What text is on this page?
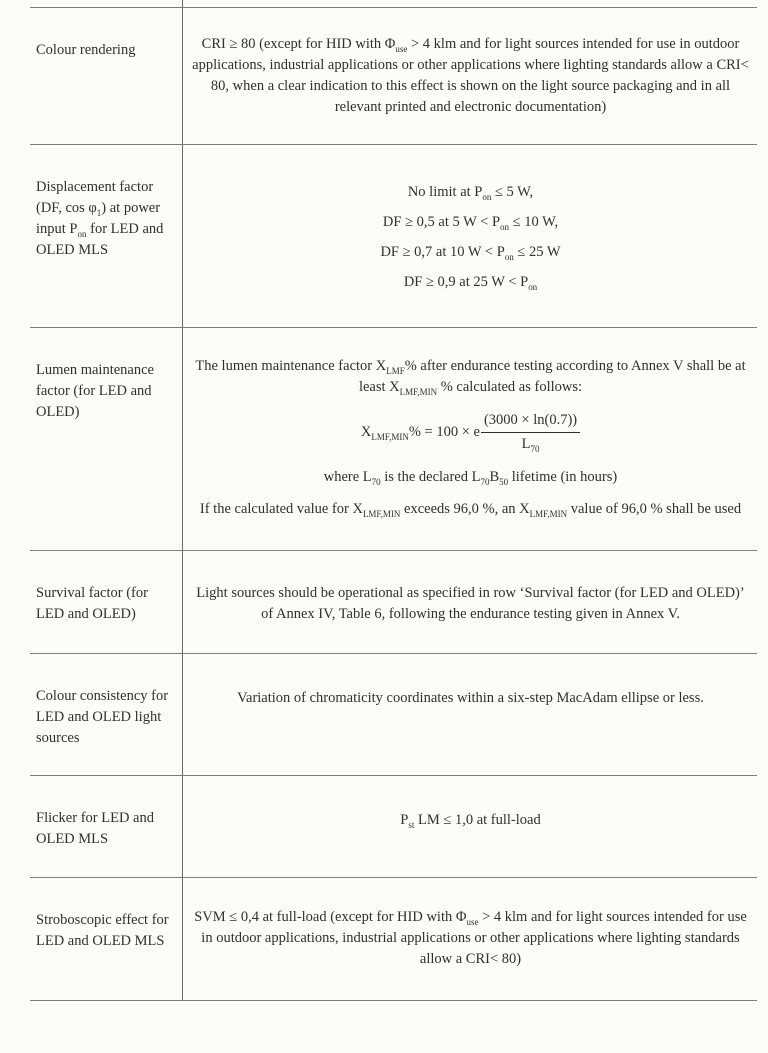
Colour rendering	CRI ≥ 80 (except for HID with $\Phi_{use} > 4$ klm and for light sources intended for use in outdoor applications, industrial applications or other applications where lighting standards allow a CRI< 80, when a clear indication to this effect is shown on the light source packaging and in all relevant printed and electronic documentation)

Displacement factor (DF, $\cos \varphi_1$) at power input $P_{on}$ for LED and OLED MLS

No limit at $P_{on} \le 5$ W,

DF ≥ 0,5 at 5 $W < P_{on} \le 10$ W,

DF ≥ 0,7 at 10 $W < P_{on} \le 25$ W

DF ≥ 0,9 at 25 $W < P_{on}$

Lumen maintenance factor (for LED and OLED)

The lumen maintenance factor $X_{LMF}\%$ after endurance testing according to Annex V shall be at least $X_{LMF,MIN}$ % calculated as follows:

$X_{LMF,MIN}\% = 100 \times e \frac{(3000 \times \ln(0.7))}{L_{70}}$

where $L_{70}$ is the declared $L_{70}B_{50}$ lifetime (in hours)

If the calculated value for $X_{LMF,MIN}$ exceeds 96,0 %, an $X_{LMF,MIN}$ value of 96,0 % shall be used

Survival factor (for LED and OLED)

Light sources should be operational as specified in row ‘Survival factor (for LED and OLED)’ of Annex IV, Table 6, following the endurance testing given in Annex V.

Colour consistency for LED and OLED light sources

Variation of chromaticity coordinates within a six-step MacAdam ellipse or less.

Flicker for LED and OLED MLS

$P_{st}$ LM ≤ 1,0 at full-load

Stroboscopic effect for LED and OLED MLS

SVM ≤ 0,4 at full-load (except for HID with $\Phi_{use} > 4$ klm and for light sources intended for use in outdoor applications, industrial applications or other applications where lighting standards allow a CRI< 80)
